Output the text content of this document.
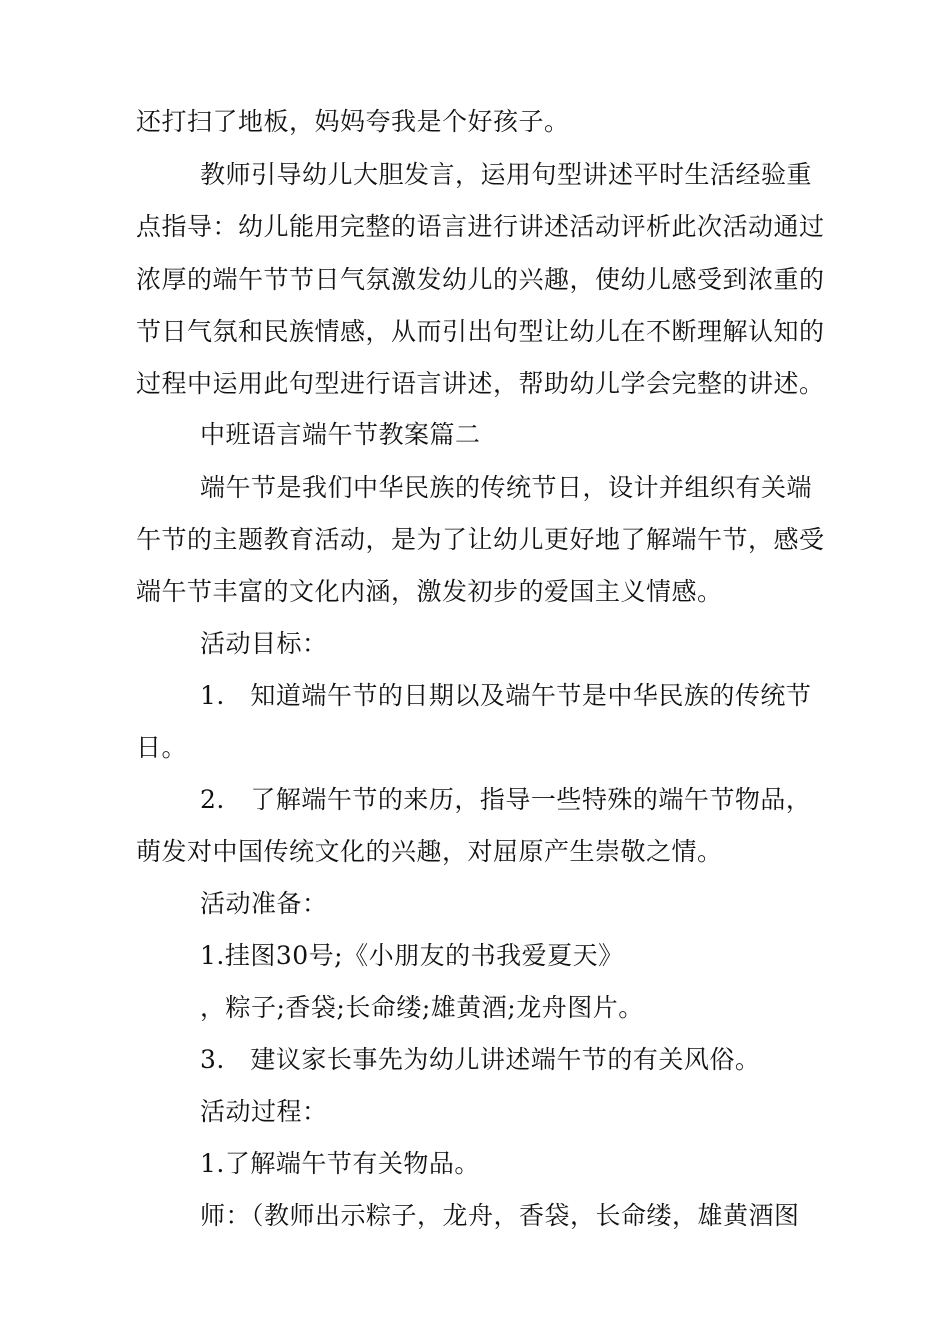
还打扫了地板，妈妈夸我是个好孩子。
教师引导幼儿大胆发言，运用句型讲述平时生活经验重
点指导：幼儿能用完整的语言进行讲述活动评析此次活动通过
浓厚的端午节节日气氛激发幼儿的兴趣，使幼儿感受到浓重的
节日气氛和民族情感，从而引出句型让幼儿在不断理解认知的
过程中运用此句型进行语言讲述，帮助幼儿学会完整的讲述。
中班语言端午节教案篇二
端午节是我们中华民族的传统节日，设计并组织有关端
午节的主题教育活动，是为了让幼儿更好地了解端午节，感受
端午节丰富的文化内涵，激发初步的爱国主义情感。
活动目标：
1.　知道端午节的日期以及端午节是中华民族的传统节
日。
2.　了解端午节的来历，指导一些特殊的端午节物品，
萌发对中国传统文化的兴趣，对屈原产生崇敬之情。
活动准备：
1.挂图30号;《小朋友的书我爱夏天》
，粽子;香袋;长命缕;雄黄酒;龙舟图片。
3.　建议家长事先为幼儿讲述端午节的有关风俗。
活动过程：
1.了解端午节有关物品。
师：（教师出示粽子，龙舟，香袋，长命缕，雄黄酒图
